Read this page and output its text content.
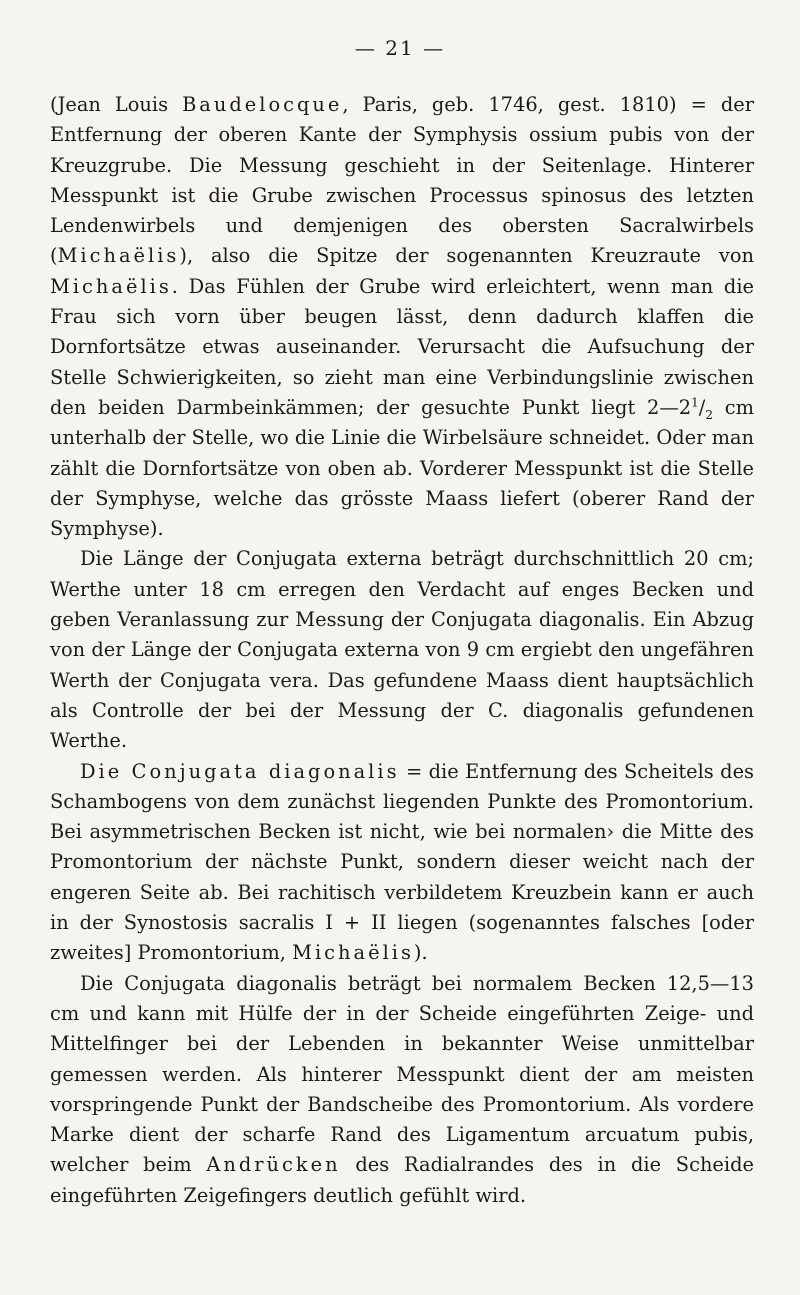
— 21 —

(Jean Louis Baudelocque, Paris, geb. 1746, gest. 1810) = der Entfernung der oberen Kante der Symphysis ossium pubis von der Kreuzgrube. Die Messung geschieht in der Seitenlage. Hinterer Messpunkt ist die Grube zwischen Processus spinosus des letzten Lendenwirbels und demjenigen des obersten Sacralwirbels (Michaëlis), also die Spitze der sogenannten Kreuzraute von Michaëlis. Das Fühlen der Grube wird erleichtert, wenn man die Frau sich vorn über beugen lässt, denn dadurch klaffen die Dornfortsätze etwas auseinander. Verursacht die Aufsuchung der Stelle Schwierigkeiten, so zieht man eine Verbindungslinie zwischen den beiden Darmbeinkämmen; der gesuchte Punkt liegt $2—2^1/_2$ cm unterhalb der Stelle, wo die Linie die Wirbelsäure schneidet. Oder man zählt die Dornfortsätze von oben ab. Vorderer Messpunkt ist die Stelle der Symphyse, welche das grösste Maass liefert (oberer Rand der Symphyse).

Die Länge der Conjugata externa beträgt durchschnittlich 20 cm; Werthe unter 18 cm erregen den Verdacht auf enges Becken und geben Veranlassung zur Messung der Conjugata diagonalis. Ein Abzug von der Länge der Conjugata externa von 9 cm ergiebt den ungefähren Werth der Conjugata vera. Das gefundene Maass dient hauptsächlich als Controlle der bei der Messung der C. diagonalis gefundenen Werthe.

Die Conjugata diagonalis = die Entfernung des Scheitels des Schambogens von dem zunächst liegenden Punkte des Promontorium. Bei asymmetrischen Becken ist nicht, wie bei normalen› die Mitte des Promontorium der nächste Punkt, sondern dieser weicht nach der engeren Seite ab. Bei rachitisch verbildetem Kreuzbein kann er auch in der Synostosis sacralis I + II liegen (sogenanntes falsches [oder zweites] Promontorium, Michaëlis).

Die Conjugata diagonalis beträgt bei normalem Becken 12,5—13 cm und kann mit Hülfe der in der Scheide eingeführten Zeige- und Mittelfinger bei der Lebenden in bekannter Weise unmittelbar gemessen werden. Als hinterer Messpunkt dient der am meisten vorspringende Punkt der Bandscheibe des Promontorium. Als vordere Marke dient der scharfe Rand des Ligamentum arcuatum pubis, welcher beim Andrücken des Radialrandes des in die Scheide eingeführten Zeigefingers deutlich gefühlt wird.
